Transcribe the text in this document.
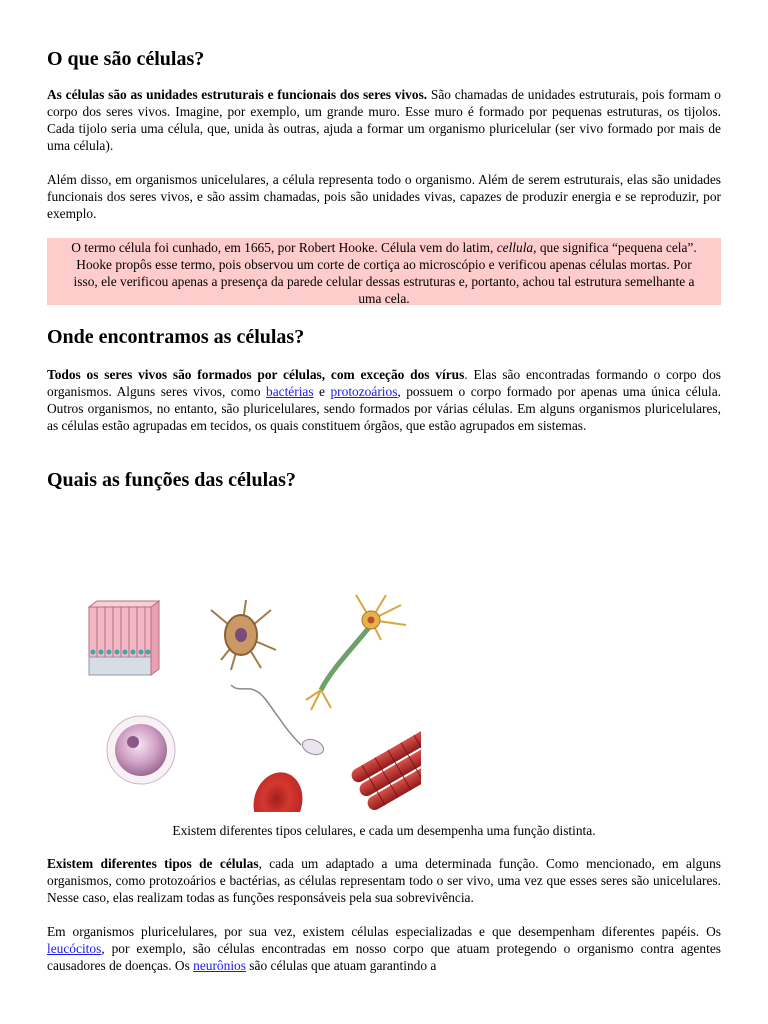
O que são células?

As células são as unidades estruturais e funcionais dos seres vivos. São chamadas de unidades estruturais, pois formam o corpo dos seres vivos. Imagine, por exemplo, um grande muro. Esse muro é formado por pequenas estruturas, os tijolos. Cada tijolo seria uma célula, que, unida às outras, ajuda a formar um organismo pluricelular (ser vivo formado por mais de uma célula).

Além disso, em organismos unicelulares, a célula representa todo o organismo. Além de serem estruturais, elas são unidades funcionais dos seres vivos, e são assim chamadas, pois são unidades vivas, capazes de produzir energia e se reproduzir, por exemplo.

O termo célula foi cunhado, em 1665, por Robert Hooke. Célula vem do latim, cellula, que significa “pequena cela”. Hooke propôs esse termo, pois observou um corte de cortiça ao microscópio e verificou apenas células mortas. Por isso, ele verificou apenas a presença da parede celular dessas estruturas e, portanto, achou tal estrutura semelhante a uma cela.

Onde encontramos as células?

Todos os seres vivos são formados por células, com exceção dos vírus. Elas são encontradas formando o corpo dos organismos. Alguns seres vivos, como bactérias e protozoários, possuem o corpo formado por apenas uma única célula. Outros organismos, no entanto, são pluricelulares, sendo formados por várias células. Em alguns organismos pluricelulares, as células estão agrupadas em tecidos, os quais constituem órgãos, que estão agrupados em sistemas.

Quais as funções das células?
Existem diferentes tipos celulares, e cada um desempenha uma função distinta.

Existem diferentes tipos de células, cada um adaptado a uma determinada função. Como mencionado, em alguns organismos, como protozoários e bactérias, as células representam todo o ser vivo, uma vez que esses seres são unicelulares. Nesse caso, elas realizam todas as funções responsáveis pela sua sobrevivência.

Em organismos pluricelulares, por sua vez, existem células especializadas e que desempenham diferentes papéis. Os leucócitos, por exemplo, são células encontradas em nosso corpo que atuam protegendo o organismo contra agentes causadores de doenças. Os neurônios são células que atuam garantindo a
